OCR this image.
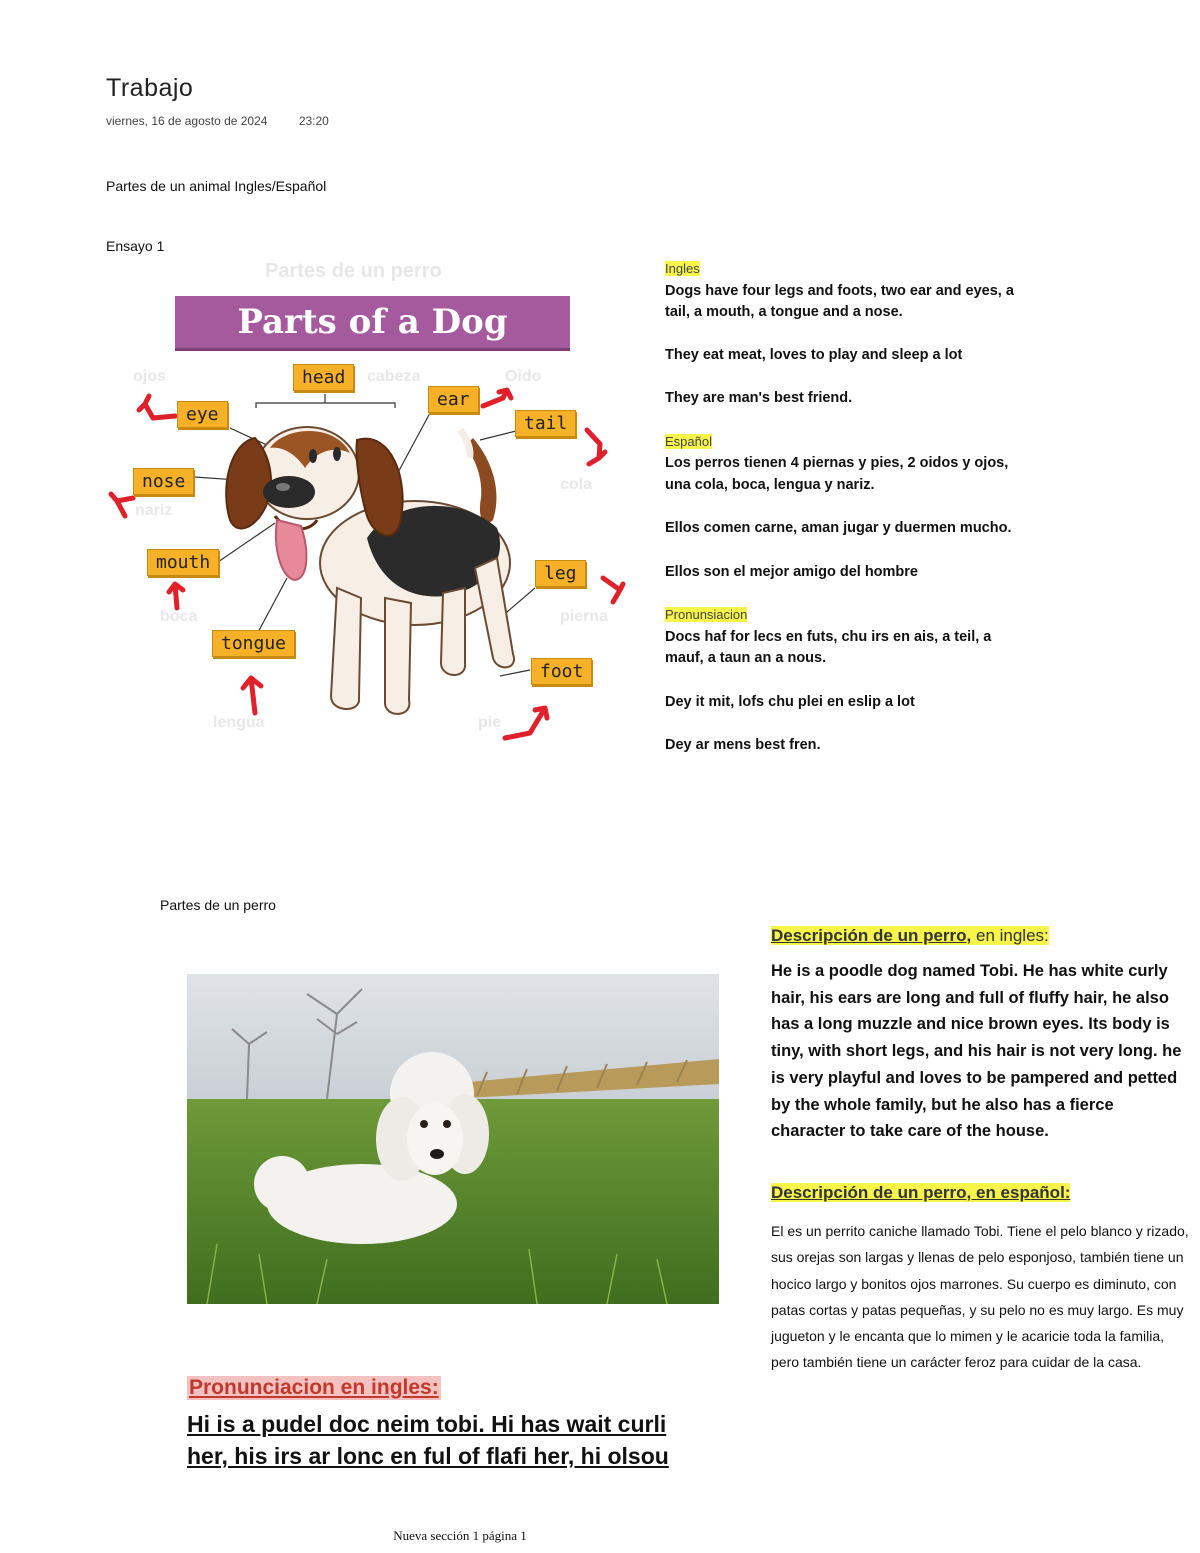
Trabajo
viernes, 16 de agosto de 2024	23:20
Partes de un animal Ingles/Español
Ensayo 1
Partes de un perro
Parts of a Dog
ojos	cabeza	Oido
nariz
cola
boca	pierna
lengua	pie
head
ear
eye	tail
nose
mouth
leg
tongue
foot

Ingles

Dogs have four legs and foots, two ear and eyes, a tail, a mouth, a tongue and a nose.

They eat meat, loves to play and sleep a lot

They are man's best friend.

Español

Los perros tienen 4 piernas y pies, 2 oidos y ojos, una cola, boca, lengua y nariz.

Ellos comen carne, aman jugar y duermen mucho.

Ellos son el mejor amigo del hombre

Pronunsiacion

Docs haf for lecs en futs, chu irs en ais, a teil, a mauf, a taun an a nous.

Dey it mit, lofs chu plei en eslip a lot

Dey ar mens best fren.

Partes de un perro
Descripción de un perro, en ingles:
He is a poodle dog named Tobi. He has white curly hair, his ears are long and full of fluffy hair, he also has a long muzzle and nice brown eyes. Its body is tiny, with short legs, and his hair is not very long. he is very playful and loves to be pampered and petted by the whole family, but he also has a fierce character to take care of the house.
Descripción de un perro, en español:
El es un perrito caniche llamado Tobi. Tiene el pelo blanco y rizado, sus orejas son largas y llenas de pelo esponjoso, también tiene un hocico largo y bonitos ojos marrones. Su cuerpo es diminuto, con patas cortas y patas pequeñas, y su pelo no es muy largo. Es muy jugueton y le encanta que lo mimen y le acaricie toda la familia, pero también tiene un carácter feroz para cuidar de la casa.
Pronunciacion en ingles:
Hi is a pudel doc neim tobi. Hi has wait curli her, his irs ar lonc en ful of flafi her, hi olsou
Nueva sección 1 página 1
